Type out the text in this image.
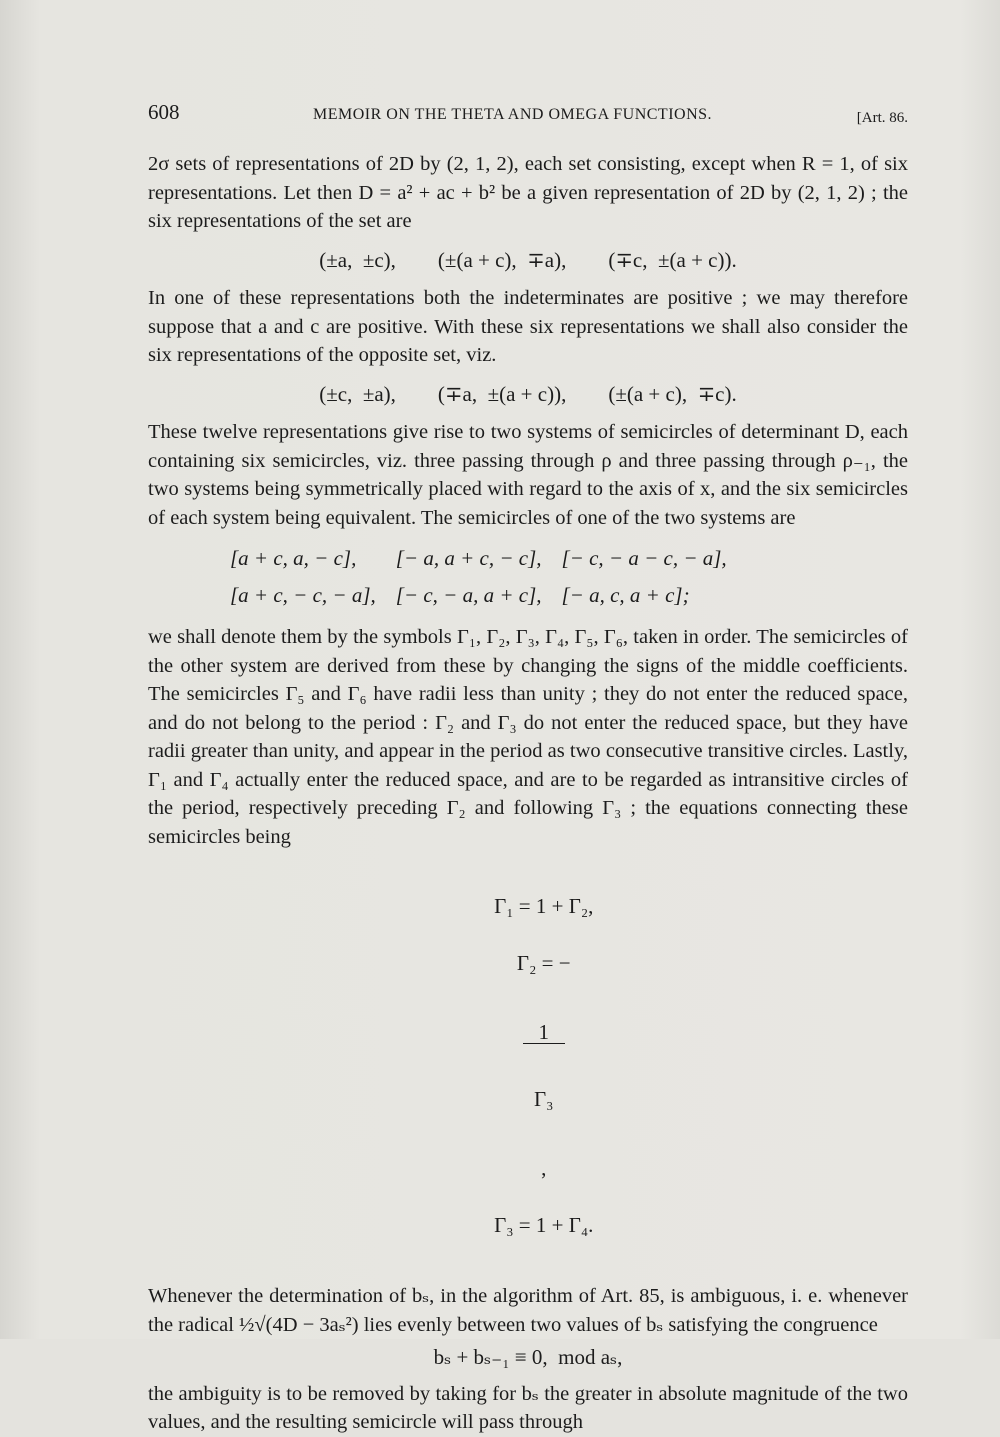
608	MEMOIR ON THE THETA AND OMEGA FUNCTIONS.	[Art. 86.

2σ sets of representations of 2D by (2, 1, 2), each set consisting, except when R = 1, of six representations. Let then D = a² + ac + b² be a given representation of 2D by (2, 1, 2) ; the six representations of the set are

(±a,  ±c),        (±(a + c),  ∓a),        (∓c,  ±(a + c)).

In one of these representations both the indeterminates are positive ; we may therefore suppose that a and c are positive. With these six representations we shall also consider the six representations of the opposite set, viz.

(±c,  ±a),        (∓a,  ±(a + c)),        (±(a + c),  ∓c).

These twelve representations give rise to two systems of semicircles of determinant D, each containing six semicircles, viz. three passing through ρ and three passing through ρ₋₁, the two systems being symmetrically placed with regard to the axis of x, and the six semicircles of each system being equivalent. The semicircles of one of the two systems are

[a + c, a, − c],	[− a, a + c, − c],	[− c, − a − c, − a],
[a + c, − c, − a],	[− c, − a, a + c],	[− a, c, a + c];

we shall denote them by the symbols Γ₁, Γ₂, Γ₃, Γ₄, Γ₅, Γ₆, taken in order. The semicircles of the other system are derived from these by changing the signs of the middle coefficients. The semicircles Γ₅ and Γ₆ have radii less than unity ; they do not enter the reduced space, and do not belong to the period : Γ₂ and Γ₃ do not enter the reduced space, but they have radii greater than unity, and appear in the period as two consecutive transitive circles. Lastly, Γ₁ and Γ₄ actually enter the reduced space, and are to be regarded as intransitive circles of the period, respectively preceding Γ₂ and following Γ₃ ; the equations connecting these semicircles being

Γ₁ = 1 + Γ₂,

Γ₂ = −

$\frac{1}{\text{Γ₃}}$

,

Γ₃ = 1 + Γ₄.

Whenever the determination of bₛ, in the algorithm of Art. 85, is ambiguous, i. e. whenever the radical ½√(4D − 3aₛ²) lies evenly between two values of bₛ satisfying the congruence

bₛ + bₛ₋₁ ≡ 0,  mod aₛ,

the ambiguity is to be removed by taking for bₛ the greater in absolute magnitude of the two values, and the resulting semicircle will pass through
